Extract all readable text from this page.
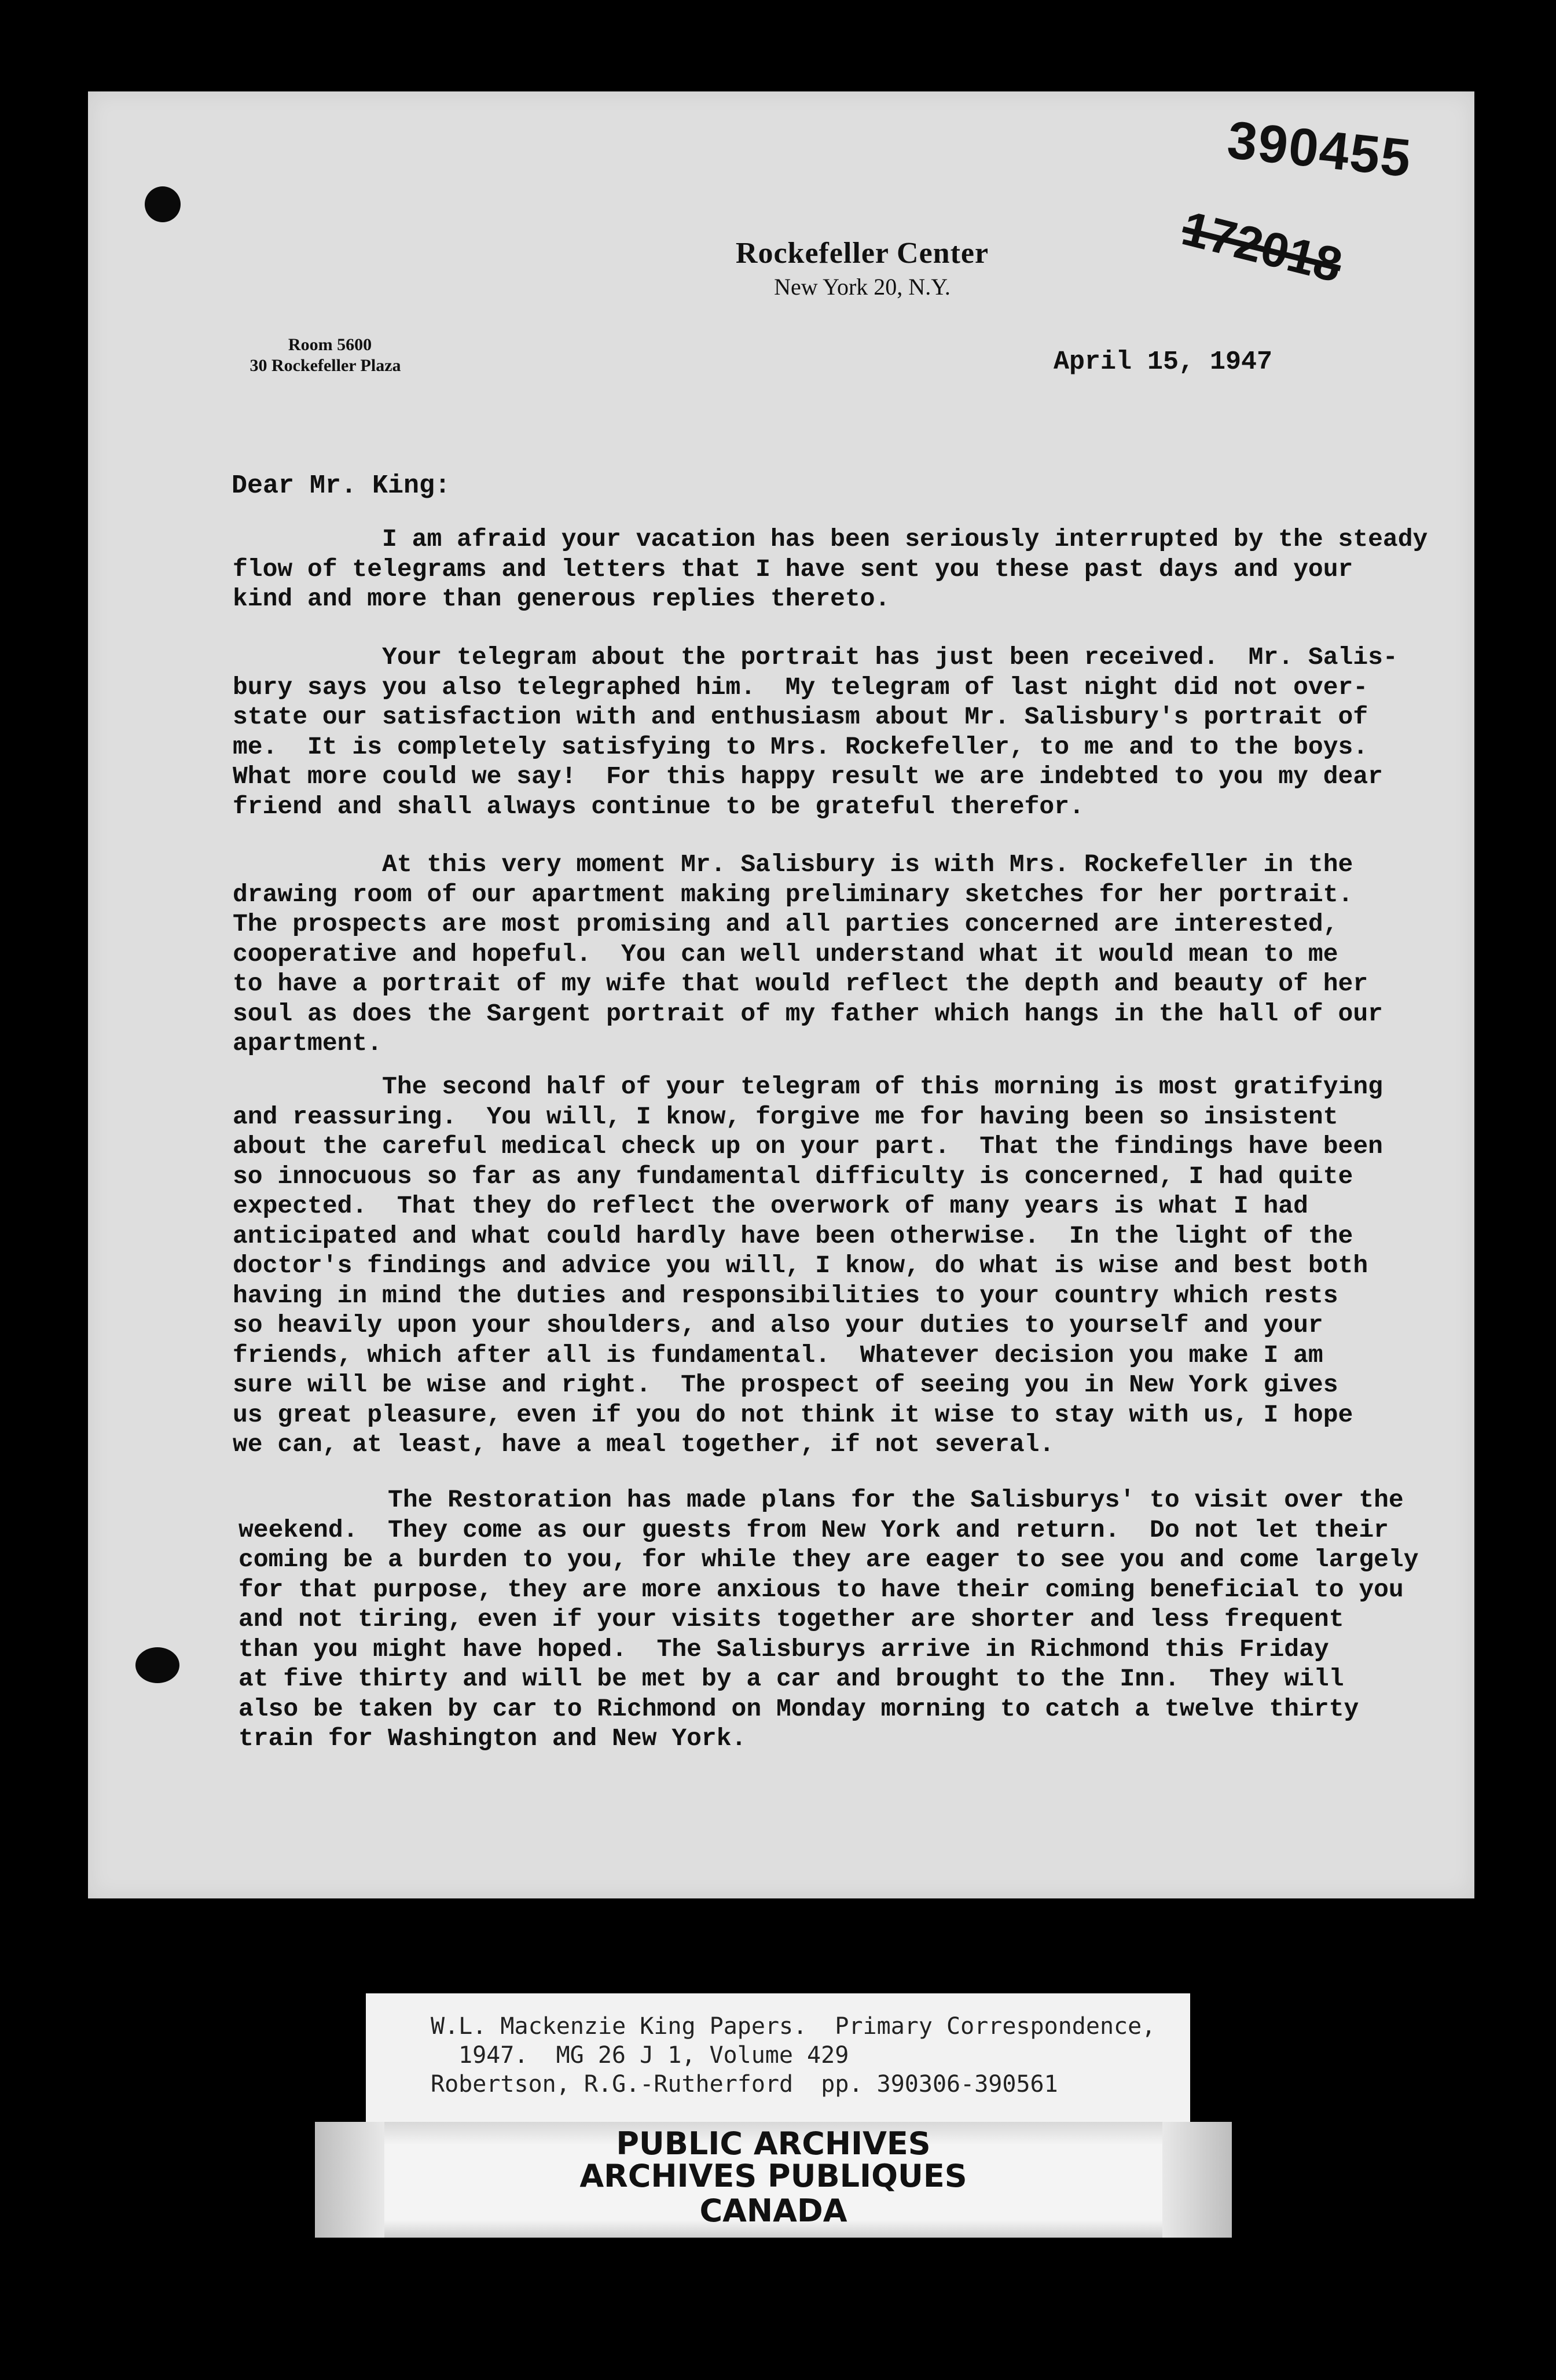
390455
172018
Rockefeller Center
New York 20, N.Y.
Room 5600
30 Rockefeller Plaza	April 15, 1947
Dear Mr. King:
I am afraid your vacation has been seriously interrupted by the steady
flow of telegrams and letters that I have sent you these past days and your
kind and more than generous replies thereto.
Your telegram about the portrait has just been received.  Mr. Salis-
bury says you also telegraphed him.  My telegram of last night did not over-
state our satisfaction with and enthusiasm about Mr. Salisbury's portrait of
me.  It is completely satisfying to Mrs. Rockefeller, to me and to the boys.
What more could we say!  For this happy result we are indebted to you my dear
friend and shall always continue to be grateful therefor.
At this very moment Mr. Salisbury is with Mrs. Rockefeller in the
drawing room of our apartment making preliminary sketches for her portrait.
The prospects are most promising and all parties concerned are interested,
cooperative and hopeful.  You can well understand what it would mean to me
to have a portrait of my wife that would reflect the depth and beauty of her
soul as does the Sargent portrait of my father which hangs in the hall of our
apartment.
The second half of your telegram of this morning is most gratifying
and reassuring.  You will, I know, forgive me for having been so insistent
about the careful medical check up on your part.  That the findings have been
so innocuous so far as any fundamental difficulty is concerned, I had quite
expected.  That they do reflect the overwork of many years is what I had
anticipated and what could hardly have been otherwise.  In the light of the
doctor's findings and advice you will, I know, do what is wise and best both
having in mind the duties and responsibilities to your country which rests
so heavily upon your shoulders, and also your duties to yourself and your
friends, which after all is fundamental.  Whatever decision you make I am
sure will be wise and right.  The prospect of seeing you in New York gives
us great pleasure, even if you do not think it wise to stay with us, I hope
we can, at least, have a meal together, if not several.
The Restoration has made plans for the Salisburys' to visit over the
weekend.  They come as our guests from New York and return.  Do not let their
coming be a burden to you, for while they are eager to see you and come largely
for that purpose, they are more anxious to have their coming beneficial to you
and not tiring, even if your visits together are shorter and less frequent
than you might have hoped.  The Salisburys arrive in Richmond this Friday
at five thirty and will be met by a car and brought to the Inn.  They will
also be taken by car to Richmond on Monday morning to catch a twelve thirty
train for Washington and New York.
W.L. Mackenzie King Papers.  Primary Correspondence,
1947.  MG 26 J 1, Volume 429
Robertson, R.G.-Rutherford  pp. 390306-390561
PUBLIC ARCHIVES
ARCHIVES PUBLIQUES
CANADA
